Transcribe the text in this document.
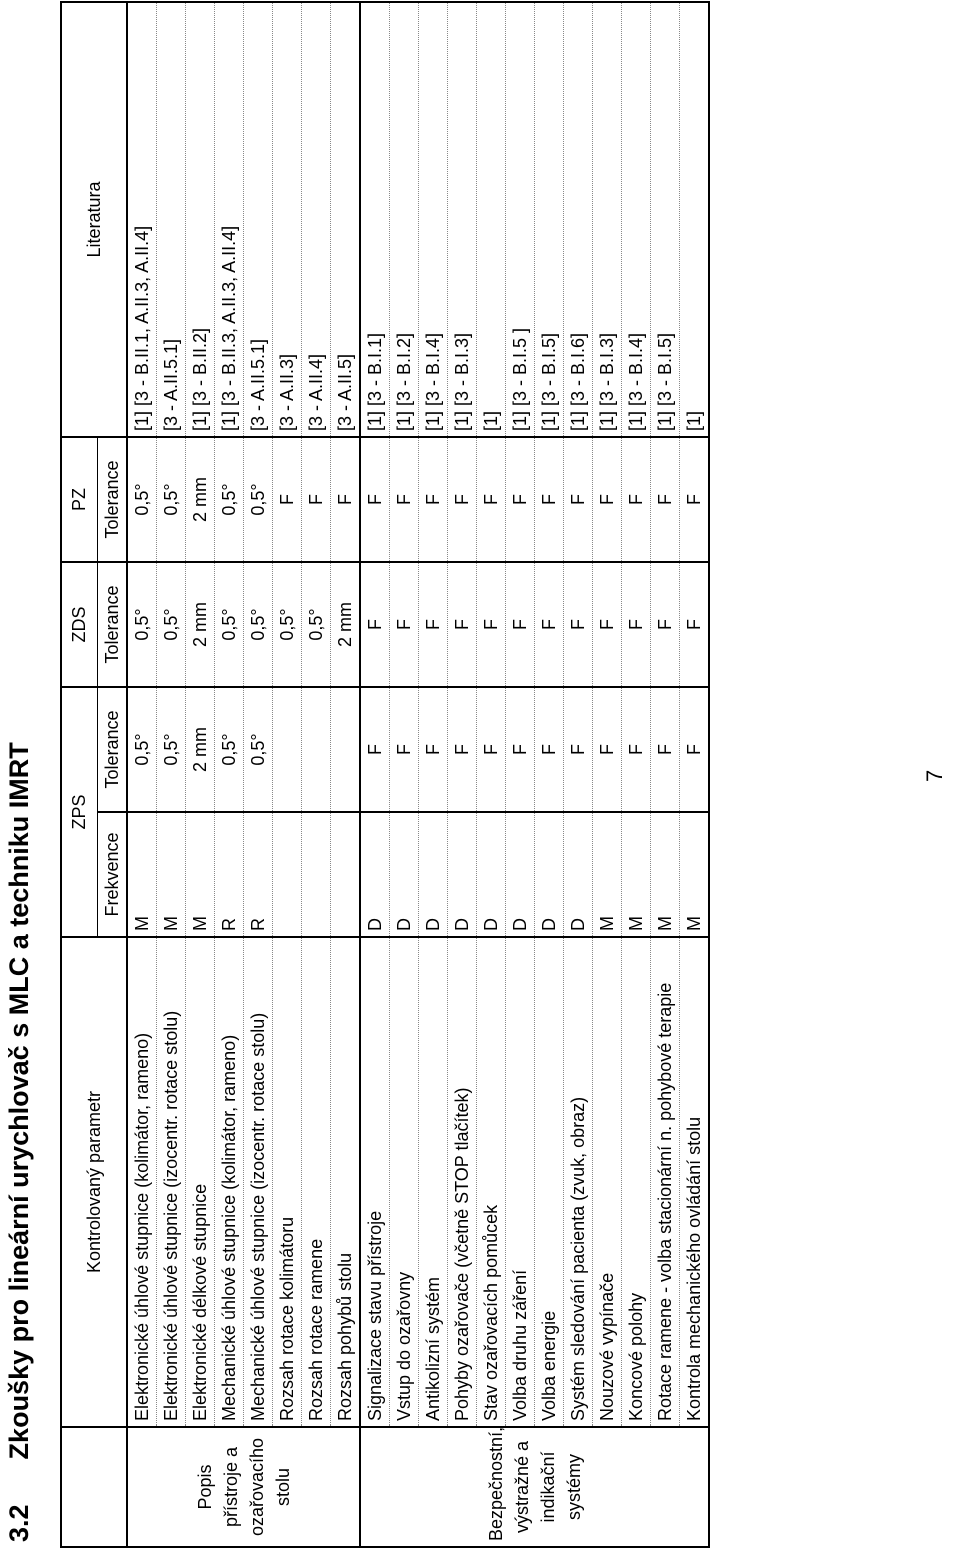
3.2      Zkoušky pro lineární urychlovač s MLC a techniku IMRT
		Kontrolovaný parametr	ZPS		ZDS	PZ	Literatura
		Frekvence	Tolerance	Tolerance	Tolerance	
Popis přístroje a ozařovacího stolu	Elektronické úhlové stupnice (kolimátor, rameno)	M	0,5°	0,5°	0,5°	[1] [3 - B.II.1, A.II.3, A.II.4]
	Elektronické úhlové stupnice (izocentr. rotace stolu)	M	0,5°	0,5°	0,5°	[3 - A.II.5.1]
	Elektronické délkové stupnice	M	2 mm	2 mm	2 mm	[1] [3 - B.II.2]
	Mechanické úhlové stupnice (kolimátor, rameno)	R	0,5°	0,5°	0,5°	[1] [3 - B.II.3, A.II.3, A.II.4]
	Mechanické úhlové stupnice (izocentr. rotace stolu)	R	0,5°	0,5°	0,5°	[3 - A.II.5.1]
	Rozsah rotace kolimátoru			0,5°	F	[3 - A.II.3]
	Rozsah rotace ramene			0,5°	F	[3 - A.II.4]
	Rozsah pohybů stolu			2 mm	F	[3 - A.II.5]
Bezpečnostní, výstražné a indikační systémy	Signalizace stavu přístroje	D	F	F	F	[1] [3 - B.I.1]
	Vstup do ozařovny	D	F	F	F	[1] [3 - B.I.2]
	Antikolizní systém	D	F	F	F	[1] [3 - B.I.4]
	Pohyby ozařovače (včetně STOP tlačítek)	D	F	F	F	[1] [3 - B.I.3]
	Stav ozařovacích pomůcek	D	F	F	F	[1]
	Volba druhu záření	D	F	F	F	[1] [3 - B.I.5 ]
	Volba energie	D	F	F	F	[1] [3 - B.I.5]
	Systém sledování pacienta (zvuk, obraz)	D	F	F	F	[1] [3 - B.I.6]
	Nouzové vypínače	M	F	F	F	[1] [3 - B.I.3]
	Koncové polohy	M	F	F	F	[1] [3 - B.I.4]
	Rotace ramene - volba stacionární n. pohybové terapie	M	F	F	F	[1] [3 - B.I.5]
	Kontrola mechanického ovládání stolu	M	F	F	F	[1]
7
